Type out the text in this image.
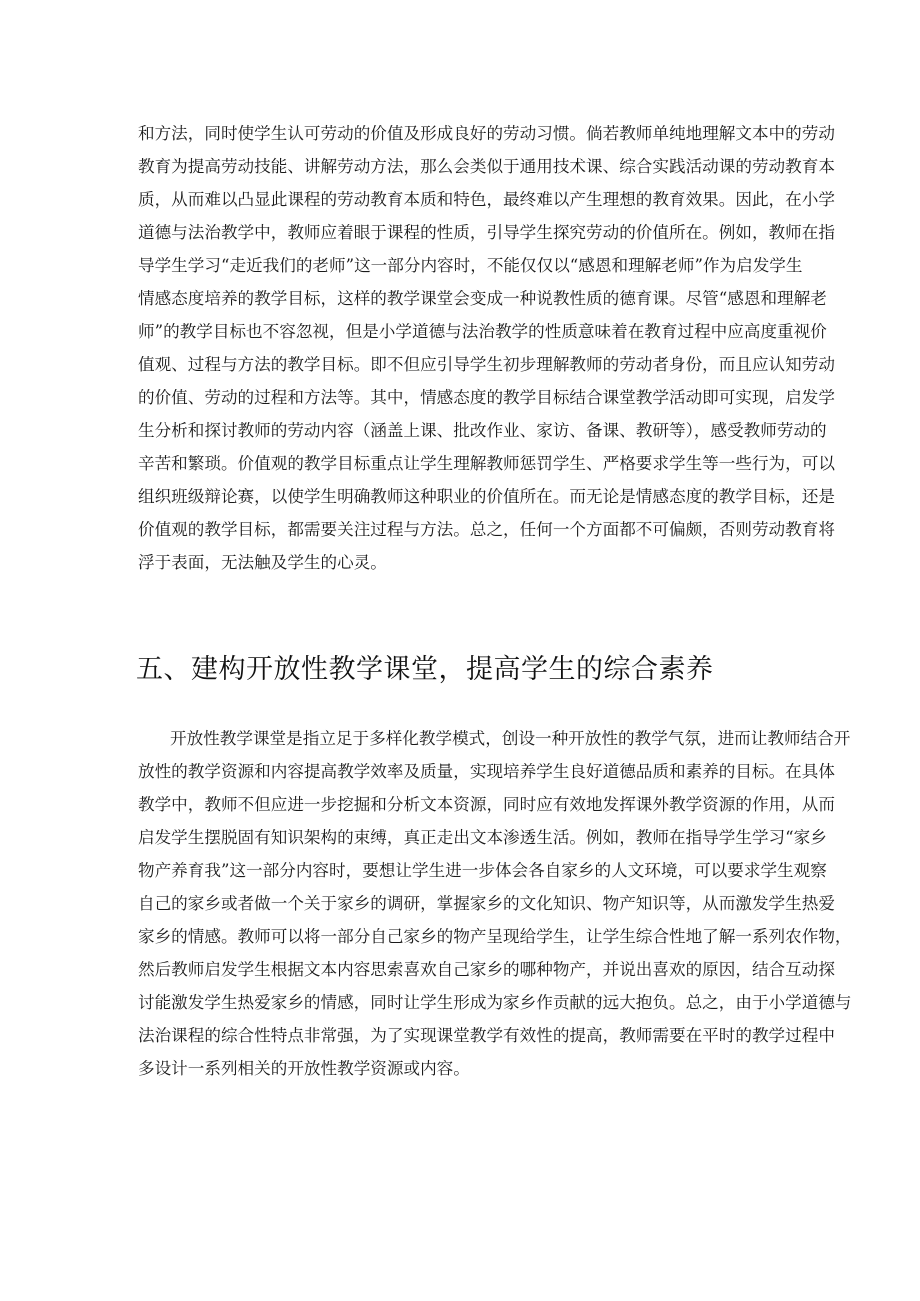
和方法，同时使学生认可劳动的价值及形成良好的劳动习惯。倘若教师单纯地理解文本中的劳动
教育为提高劳动技能、讲解劳动方法，那么会类似于通用技术课、综合实践活动课的劳动教育本
质，从而难以凸显此课程的劳动教育本质和特色，最终难以产生理想的教育效果。因此，在小学
道德与法治教学中，教师应着眼于课程的性质，引导学生探究劳动的价值所在。例如，教师在指
导学生学习“走近我们的老师”这一部分内容时，不能仅仅以“感恩和理解老师”作为启发学生
情感态度培养的教学目标，这样的教学课堂会变成一种说教性质的德育课。尽管“感恩和理解老
师”的教学目标也不容忽视，但是小学道德与法治教学的性质意味着在教育过程中应高度重视价
值观、过程与方法的教学目标。即不但应引导学生初步理解教师的劳动者身份，而且应认知劳动
的价值、劳动的过程和方法等。其中，情感态度的教学目标结合课堂教学活动即可实现，启发学
生分析和探讨教师的劳动内容（涵盖上课、批改作业、家访、备课、教研等），感受教师劳动的
辛苦和繁琐。价值观的教学目标重点让学生理解教师惩罚学生、严格要求学生等一些行为，可以
组织班级辩论赛，以使学生明确教师这种职业的价值所在。而无论是情感态度的教学目标，还是
价值观的教学目标，都需要关注过程与方法。总之，任何一个方面都不可偏颇，否则劳动教育将
浮于表面，无法触及学生的心灵。
五、建构开放性教学课堂，提高学生的综合素养
开放性教学课堂是指立足于多样化教学模式，创设一种开放性的教学气氛，进而让教师结合开
放性的教学资源和内容提高教学效率及质量，实现培养学生良好道德品质和素养的目标。在具体
教学中，教师不但应进一步挖掘和分析文本资源，同时应有效地发挥课外教学资源的作用，从而
启发学生摆脱固有知识架构的束缚，真正走出文本渗透生活。例如，教师在指导学生学习“家乡
物产养育我”这一部分内容时，要想让学生进一步体会各自家乡的人文环境，可以要求学生观察
自己的家乡或者做一个关于家乡的调研，掌握家乡的文化知识、物产知识等，从而激发学生热爱
家乡的情感。教师可以将一部分自己家乡的物产呈现给学生，让学生综合性地了解一系列农作物，
然后教师启发学生根据文本内容思索喜欢自己家乡的哪种物产，并说出喜欢的原因，结合互动探
讨能激发学生热爱家乡的情感，同时让学生形成为家乡作贡献的远大抱负。总之，由于小学道德与
法治课程的综合性特点非常强，为了实现课堂教学有效性的提高，教师需要在平时的教学过程中
多设计一系列相关的开放性教学资源或内容。
